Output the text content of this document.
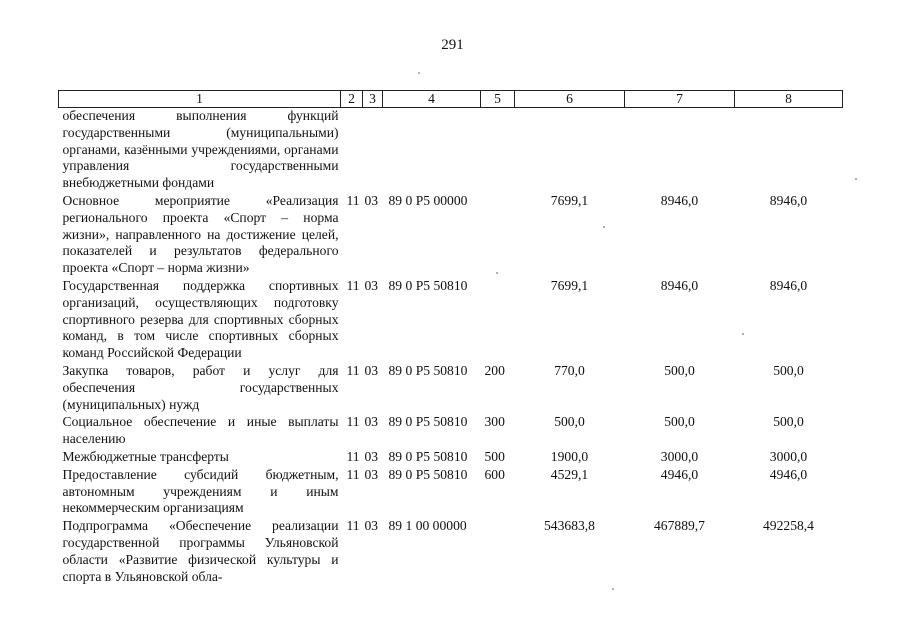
291
1	2	3	4	5	6	7	8
обеспечения выполнения функций государственными (муниципальными) органами, казёнными учреждениями, органами управления государственными внебюджетными фондами							
Основное мероприятие «Реализация регионального проекта «Спорт – норма жизни», направленного на достижение целей, показателей и результатов федерального проекта «Спорт – норма жизни»	11	03	89 0 P5 00000		7699,1	8946,0	8946,0
Государственная поддержка спортивных организаций, осуществляющих подготовку спортивного резерва для спортивных сборных команд, в том числе спортивных сборных команд Российской Федерации	11	03	89 0 P5 50810		7699,1	8946,0	8946,0
Закупка товаров, работ и услуг для обеспечения государственных (муниципальных) нужд	11	03	89 0 P5 50810	200	770,0	500,0	500,0
Социальное обеспечение и иные выплаты населению	11	03	89 0 P5 50810	300	500,0	500,0	500,0
Межбюджетные трансферты	11	03	89 0 P5 50810	500	1900,0	3000,0	3000,0
Предоставление субсидий бюджетным, автономным учреждениям и иным некоммерческим организациям	11	03	89 0 P5 50810	600	4529,1	4946,0	4946,0
Подпрограмма «Обеспечение реализации государственной программы Ульяновской области «Развитие физической культуры и спорта в Ульяновской обла-	11	03	89 1 00 00000		543683,8	467889,7	492258,4
